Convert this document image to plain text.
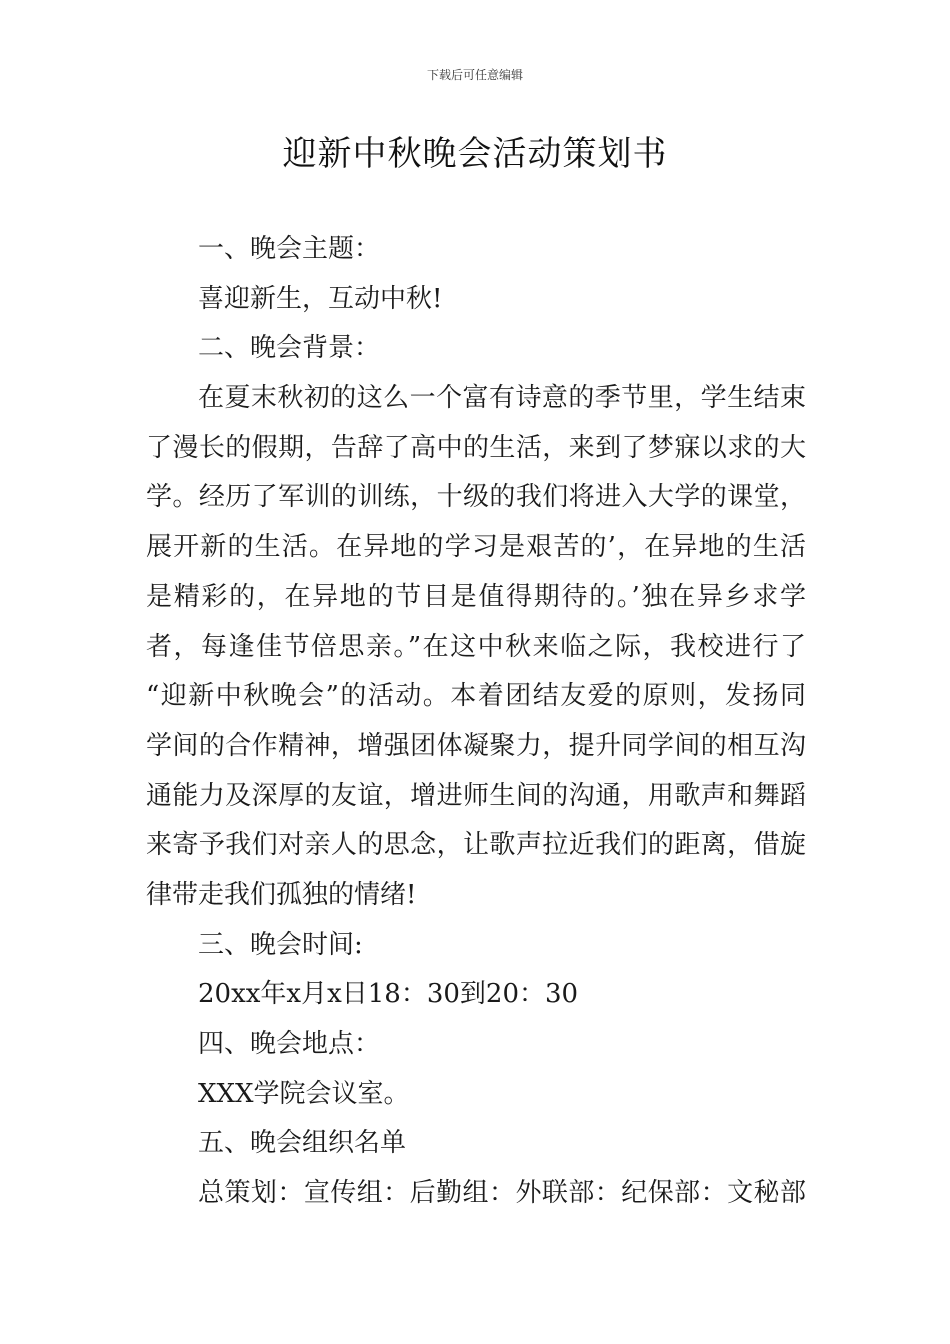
下载后可任意编辑
迎新中秋晚会活动策划书
一、晚会主题：
喜迎新生，互动中秋!
二、晚会背景：
在夏末秋初的这么一个富有诗意的季节里，学生结束
了漫长的假期，告辞了高中的生活，来到了梦寐以求的大
学。经历了军训的训练，十级的我们将进入大学的课堂，
展开新的生活。在异地的学习是艰苦的’，在异地的生活
是精彩的，在异地的节目是值得期待的。’独在异乡求学
者，每逢佳节倍思亲。”在这中秋来临之际，我校进行了
“迎新中秋晚会”的活动。本着团结友爱的原则，发扬同
学间的合作精神，增强团体凝聚力，提升同学间的相互沟
通能力及深厚的友谊，增进师生间的沟通，用歌声和舞蹈
来寄予我们对亲人的思念，让歌声拉近我们的距离，借旋
律带走我们孤独的情绪!
三、晚会时间:
20xx年x月x日18：30到20：30
四、晚会地点：
XXX学院会议室。
五、晚会组织名单
总策划：宣传组：后勤组：外联部：纪保部：文秘部
